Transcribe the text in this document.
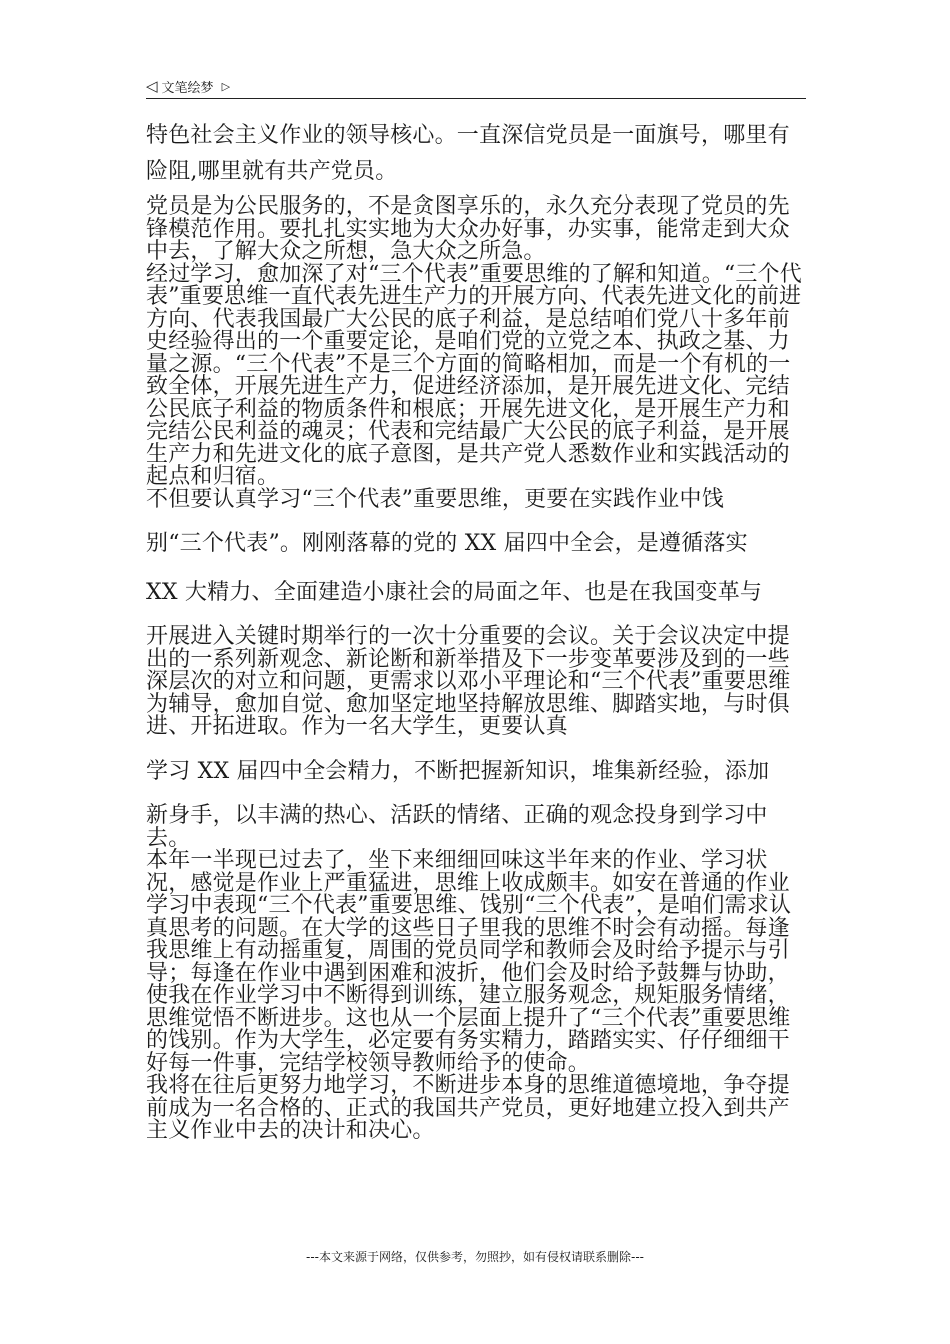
◁ 文笔绘梦 ▷

特色社会主义作业的领导核心。一直深信党员是一面旗号，哪里有险阻,哪里就有共产党员。

党员是为公民服务的，不是贪图享乐的，永久充分表现了党员的先锋模范作用。要扎扎实实地为大众办好事，办实事，能常走到大众中去，了解大众之所想，急大众之所急。

经过学习，愈加深了对“三个代表”重要思维的了解和知道。“三个代表”重要思维一直代表先进生产力的开展方向、代表先进文化的前进方向、代表我国最广大公民的底子利益，是总结咱们党八十多年前史经验得出的一个重要定论，是咱们党的立党之本、执政之基、力量之源。“三个代表”不是三个方面的简略相加，而是一个有机的一致全体，开展先进生产力，促进经济添加，是开展先进文化、完结公民底子利益的物质条件和根底；开展先进文化，是开展生产力和完结公民利益的魂灵；代表和完结最广大公民的底子利益，是开展生产力和先进文化的底子意图，是共产党人悉数作业和实践活动的起点和归宿。

不但要认真学习“三个代表”重要思维，更要在实践作业中饯

别“三个代表”。刚刚落幕的党的 XX 届四中全会，是遵循落实

XX 大精力、全面建造小康社会的局面之年、也是在我国变革与

开展进入关键时期举行的一次十分重要的会议。关于会议决定中提出的一系列新观念、新论断和新举措及下一步变革要涉及到的一些深层次的对立和问题，更需求以邓小平理论和“三个代表”重要思维为辅导，愈加自觉、愈加坚定地坚持解放思维、脚踏实地，与时俱进、开拓进取。作为一名大学生，更要认真

学习 XX 届四中全会精力，不断把握新知识，堆集新经验，添加

新身手，以丰满的热心、活跃的情绪、正确的观念投身到学习中去。

本年一半现已过去了，坐下来细细回味这半年来的作业、学习状况，感觉是作业上严重猛进，思维上收成颇丰。如安在普通的作业学习中表现“三个代表”重要思维、饯别“三个代表”，是咱们需求认真思考的问题。在大学的这些日子里我的思维不时会有动摇。每逢我思维上有动摇重复，周围的党员同学和教师会及时给予提示与引导；每逢在作业中遇到困难和波折，他们会及时给予鼓舞与协助，使我在作业学习中不断得到训练，建立服务观念，规矩服务情绪，思维觉悟不断进步。这也从一个层面上提升了“三个代表”重要思维的饯别。作为大学生，必定要有务实精力，踏踏实实、仔仔细细干好每一件事，完结学校领导教师给予的使命。

我将在往后更努力地学习，不断进步本身的思维道德境地，争夺提前成为一名合格的、正式的我国共产党员，更好地建立投入到共产主义作业中去的决计和决心。

---本文来源于网络，仅供参考，勿照抄，如有侵权请联系删除---
